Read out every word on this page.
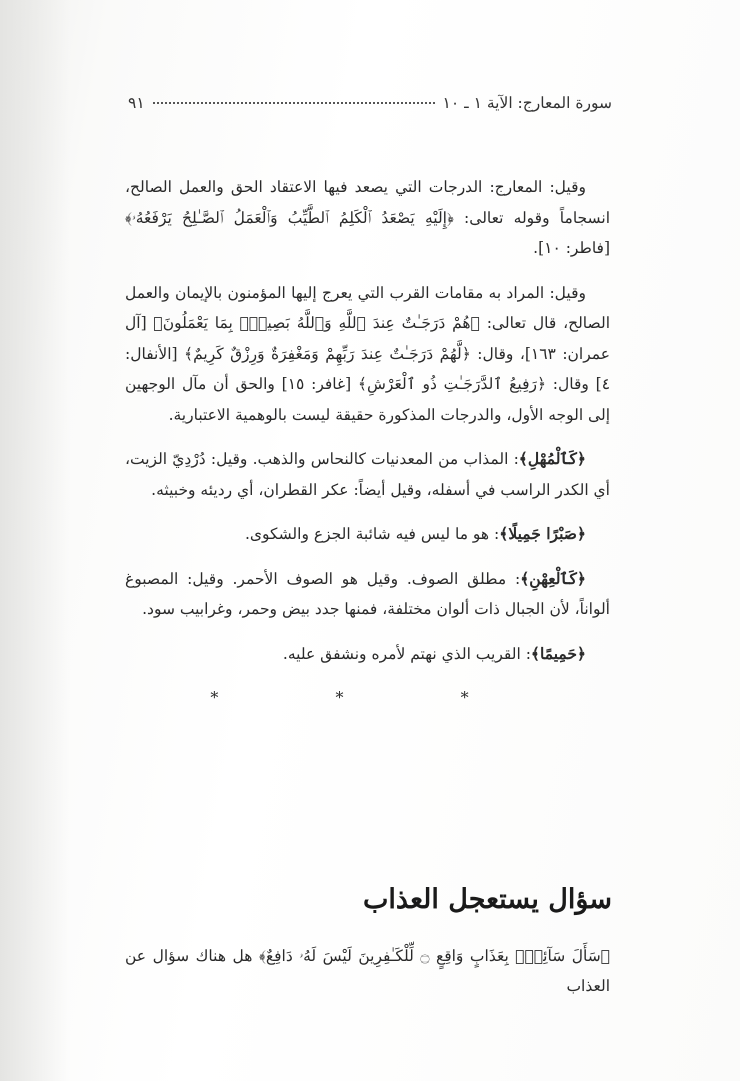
سورة المعارج: الآية ١ ـ ١٠
٩١

وقيل: المعارج: الدرجات التي يصعد فيها الاعتقاد الحق والعمل الصالح، انسجاماً وقوله تعالى: ﴿إِلَيْهِ يَصْعَدُ ٱلْكَلِمُ ٱلطَّيِّبُ وَٱلْعَمَلُ ٱلصَّـٰلِحُ يَرْفَعُهُۥ﴾ [فاطر: ١٠].

وقيل: المراد به مقامات القرب التي يعرج إليها المؤمنون بالإيمان والعمل الصالح، قال تعالى: ﴿هُمْ دَرَجَـٰتٌ عِندَ ٱللَّهِ وَٱللَّهُ بَصِيرٌۢ بِمَا يَعْمَلُونَ﴾ [آل عمران: ١٦٣]، وقال: ﴿لَّهُمْ دَرَجَـٰتٌ عِندَ رَبِّهِمْ وَمَغْفِرَةٌ وَرِزْقٌ كَرِيمٌ﴾ [الأنفال: ٤] وقال: ﴿رَفِيعُ ٱلدَّرَجَـٰتِ ذُو ٱلْعَرْشِ﴾ [غافر: ١٥] والحق أن مآل الوجهين إلى الوجه الأول، والدرجات المذكورة حقيقة ليست بالوهمية الاعتبارية.

﴿كَٱلْمُهْلِ﴾: المذاب من المعدنيات كالنحاس والذهب. وقيل: دُرْدِيّ الزيت، أي الكدر الراسب في أسفله، وقيل أيضاً: عكر القطران، أي رديئه وخبيثه.

﴿صَبْرًا جَمِيلًا﴾: هو ما ليس فيه شائبة الجزع والشكوى.

﴿كَٱلْعِهْنِ﴾: مطلق الصوف. وقيل هو الصوف الأحمر. وقيل: المصبوغ ألواناً، لأن الجبال ذات ألوان مختلفة، فمنها جدد بيض وحمر، وغرابيب سود.

﴿حَمِيمًا﴾: القريب الذي نهتم لأمره ونشفق عليه.

* * *
سؤال يستعجل العذاب
﴿سَأَلَ سَآئِلٌۢ بِعَذَابٍ وَاقِعٍ ۝ لِّلْكَـٰفِرِينَ لَيْسَ لَهُۥ دَافِعٌ﴾ هل هناك سؤال عن العذاب
